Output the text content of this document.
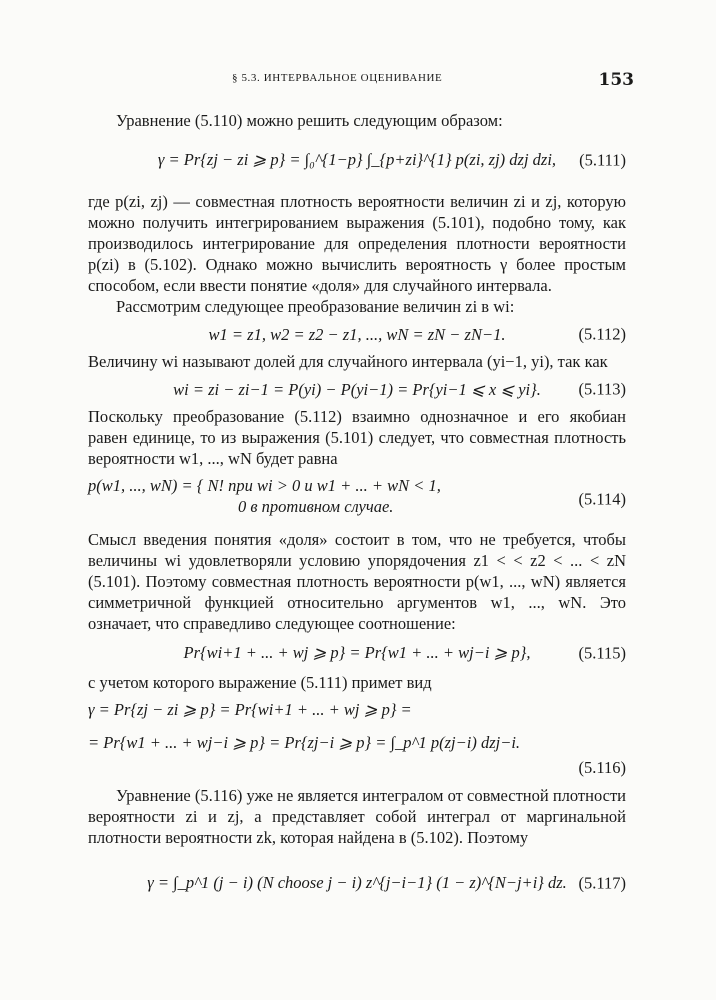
§ 5.3. ИНТЕРВАЛЬНОЕ ОЦЕНИВАНИЕ	153

Уравнение (5.110) можно решить следующим образом:

γ = Pr{zj − zi ⩾ p} = ∫₀^{1−p} ∫_{p+zi}^{1} p(zi, zj) dzj dzi,	(5.111)

где p(zi, zj) — совместная плотность вероятности величин zi и zj, которую можно получить интегрированием выражения (5.101), подобно тому, как производилось интегрирование для определения плотности вероятности p(zi) в (5.102). Однако можно вычислить вероятность γ более простым способом, если ввести понятие «доля» для случайного интервала.

Рассмотрим следующее преобразование величин zi в wi:

w1 = z1, w2 = z2 − z1, ..., wN = zN − zN−1.	(5.112)

Величину wi называют долей для случайного интервала (yi−1, yi), так как

wi = zi − zi−1 = P(yi) − P(yi−1) = Pr{yi−1 ⩽ x ⩽ yi}.	(5.113)

Поскольку преобразование (5.112) взаимно однозначное и его якобиан равен единице, то из выражения (5.101) следует, что совместная плотность вероятности w1, ..., wN будет равна

p(w1, ..., wN) = { N! при wi > 0 и w1 + ... + wN < 1,
0 в противном случае.	(5.114)

Смысл введения понятия «доля» состоит в том, что не требуется, чтобы величины wi удовлетворяли условию упорядочения z1 < < z2 < ... < zN (5.101). Поэтому совместная плотность вероятности p(w1, ..., wN) является симметричной функцией относительно аргументов w1, ..., wN. Это означает, что справедливо следующее соотношение:

Pr{wi+1 + ... + wj ⩾ p} = Pr{w1 + ... + wj−i ⩾ p},	(5.115)

с учетом которого выражение (5.111) примет вид

γ = Pr{zj − zi ⩾ p} = Pr{wi+1 + ... + wj ⩾ p} =
= Pr{w1 + ... + wj−i ⩾ p} = Pr{zj−i ⩾ p} = ∫_p^1 p(zj−i) dzj−i.
(5.116)

Уравнение (5.116) уже не является интегралом от совместной плотности вероятности zi и zj, а представляет собой интеграл от маргинальной плотности вероятности zk, которая найдена в (5.102). Поэтому

γ = ∫_p^1 (j − i) (N choose j − i) z^{j−i−1} (1 − z)^{N−j+i} dz. (5.117)
